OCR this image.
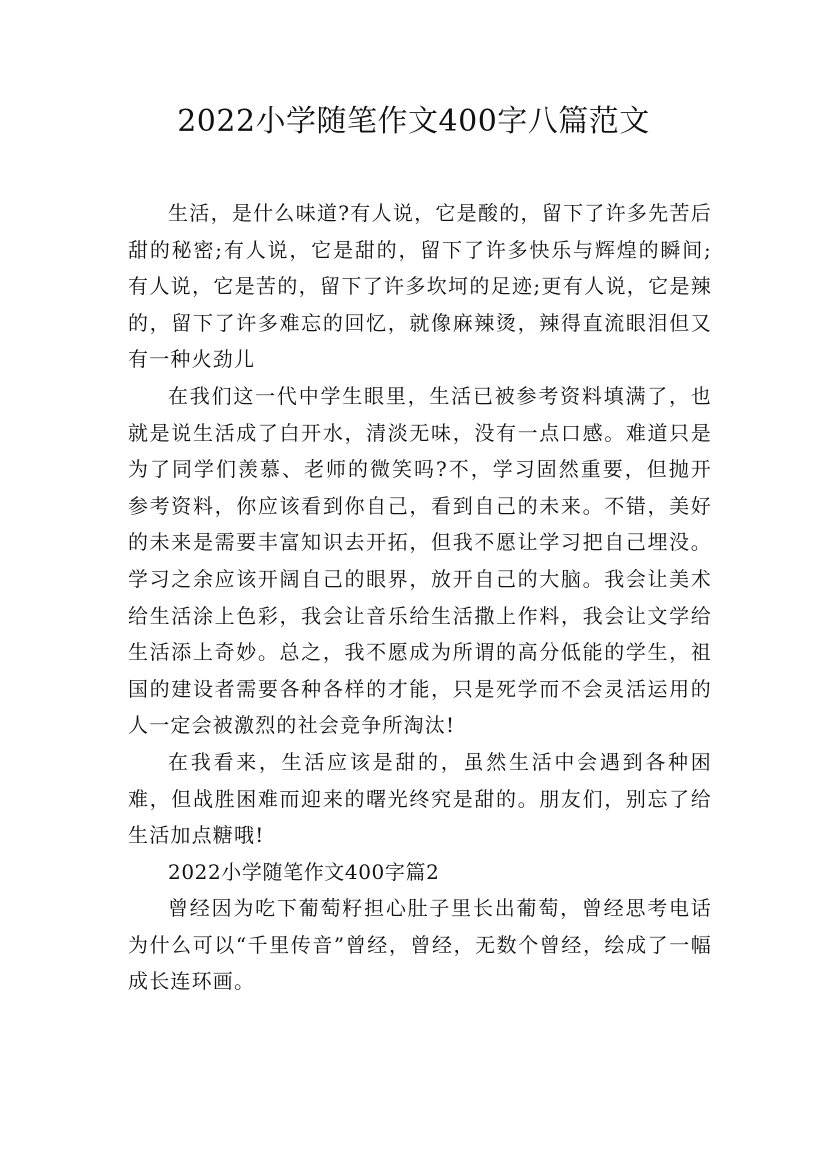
2022小学随笔作文400字八篇范文

生活，是什么味道?有人说，它是酸的，留下了许多先苦后甜的秘密;有人说，它是甜的，留下了许多快乐与辉煌的瞬间;有人说，它是苦的，留下了许多坎坷的足迹;更有人说，它是辣的，留下了许多难忘的回忆，就像麻辣烫，辣得直流眼泪但又有一种火劲儿

在我们这一代中学生眼里，生活已被参考资料填满了，也就是说生活成了白开水，清淡无味，没有一点口感。难道只是为了同学们羡慕、老师的微笑吗?不，学习固然重要，但抛开参考资料，你应该看到你自己，看到自己的未来。不错，美好的未来是需要丰富知识去开拓，但我不愿让学习把自己埋没。学习之余应该开阔自己的眼界，放开自己的大脑。我会让美术给生活涂上色彩，我会让音乐给生活撒上作料，我会让文学给生活添上奇妙。总之，我不愿成为所谓的高分低能的学生，祖国的建设者需要各种各样的才能，只是死学而不会灵活运用的人一定会被激烈的社会竞争所淘汰!

在我看来，生活应该是甜的，虽然生活中会遇到各种困难，但战胜困难而迎来的曙光终究是甜的。朋友们，别忘了给生活加点糖哦!

2022小学随笔作文400字篇2

曾经因为吃下葡萄籽担心肚子里长出葡萄，曾经思考电话为什么可以“千里传音”曾经，曾经，无数个曾经，绘成了一幅成长连环画。
